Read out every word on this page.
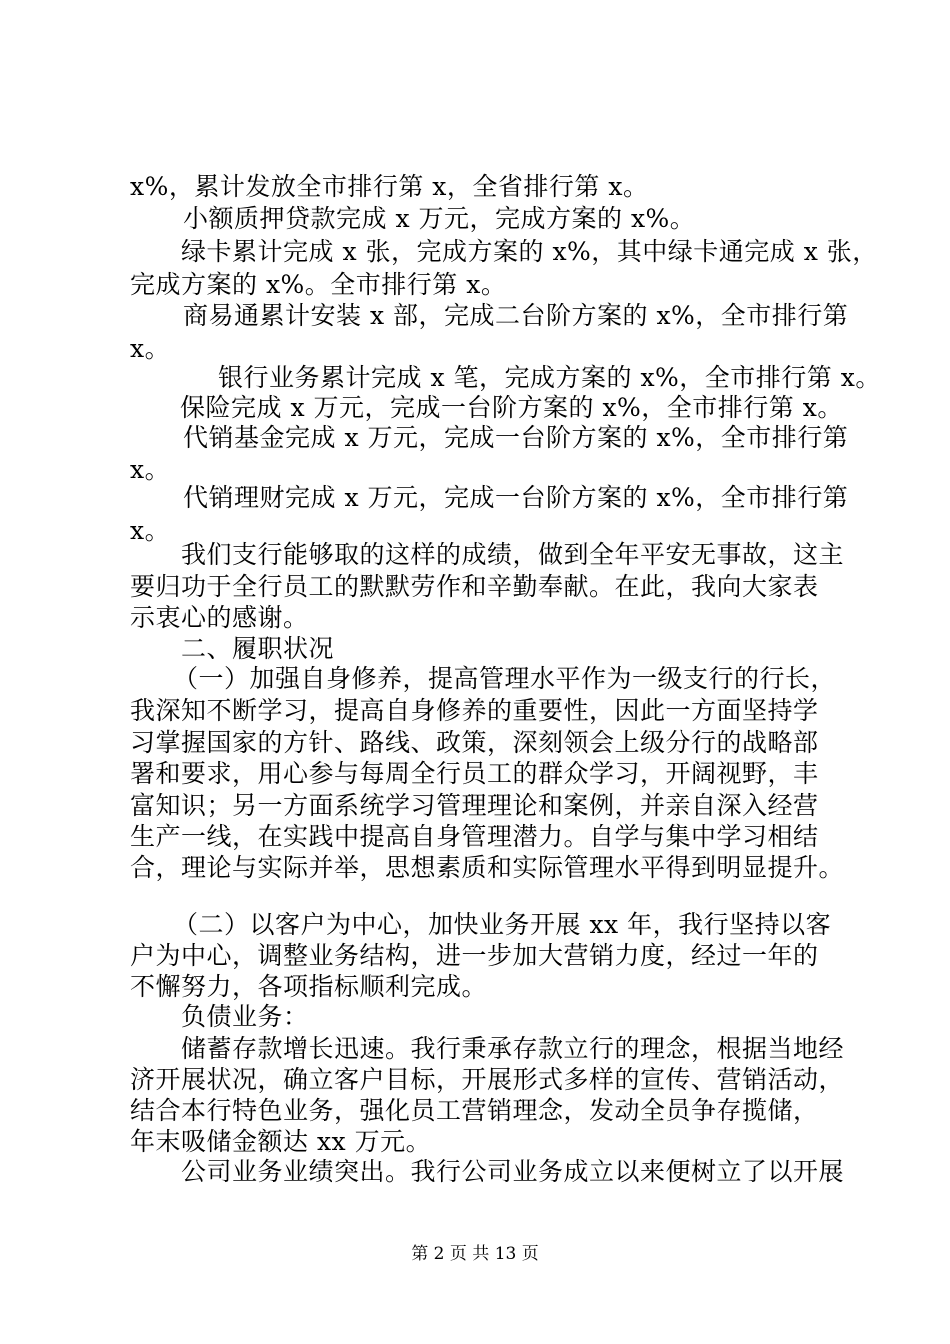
x%，累计发放全市排行第 x，全省排行第 x。
小额质押贷款完成 x 万元，完成方案的 x%。
绿卡累计完成 x 张，完成方案的 x%，其中绿卡通完成 x 张，
完成方案的 x%。全市排行第 x。
商易通累计安装 x 部，完成二台阶方案的 x%，全市排行第
x。
银行业务累计完成 x 笔，完成方案的 x%，全市排行第 x。
保险完成 x 万元，完成一台阶方案的 x%，全市排行第 x。
代销基金完成 x 万元，完成一台阶方案的 x%，全市排行第
x。
代销理财完成 x 万元，完成一台阶方案的 x%，全市排行第
x。
我们支行能够取的这样的成绩，做到全年平安无事故，这主
要归功于全行员工的默默劳作和辛勤奉献。在此，我向大家表
示衷心的感谢。
二、履职状况
（一）加强自身修养，提高管理水平作为一级支行的行长，
我深知不断学习，提高自身修养的重要性，因此一方面坚持学
习掌握国家的方针、路线、政策，深刻领会上级分行的战略部
署和要求，用心参与每周全行员工的群众学习，开阔视野，丰
富知识；另一方面系统学习管理理论和案例，并亲自深入经营
生产一线，在实践中提高自身管理潜力。自学与集中学习相结
合，理论与实际并举，思想素质和实际管理水平得到明显提升。
（二）以客户为中心，加快业务开展 xx 年，我行坚持以客
户为中心，调整业务结构，进一步加大营销力度，经过一年的
不懈努力，各项指标顺利完成。
负债业务：
储蓄存款增长迅速。我行秉承存款立行的理念，根据当地经
济开展状况，确立客户目标，开展形式多样的宣传、营销活动，
结合本行特色业务，强化员工营销理念，发动全员争存揽储，
年末吸储金额达 xx 万元。
公司业务业绩突出。我行公司业务成立以来便树立了以开展
第 2 页 共 13 页
